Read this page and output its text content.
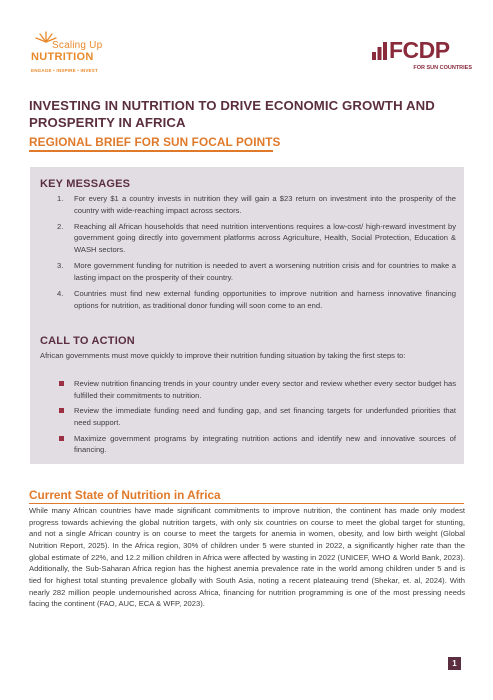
Scaling Up
NUTRITION
ENGAGE • INSPIRE • INVEST
FCDP
FOR SUN COUNTRIES
INVESTING IN NUTRITION TO DRIVE ECONOMIC GROWTH AND PROSPERITY IN AFRICA
REGIONAL BRIEF FOR SUN FOCAL POINTS
KEY MESSAGES
1. For every $1 a country invests in nutrition they will gain a $23 return on investment into the prosperity of the country with wide-reaching impact across sectors.
2. Reaching all African households that need nutrition interventions requires a low-cost/ high-reward investment by government going directly into government platforms across Agriculture, Health, Social Protection, Education & WASH sectors.
3. More government funding for nutrition is needed to avert a worsening nutrition crisis and for countries to make a lasting impact on the prosperity of their country.
4. Countries must find new external funding opportunities to improve nutrition and harness innovative financing options for nutrition, as traditional donor funding will soon come to an end.
CALL TO ACTION
African governments must move quickly to improve their nutrition funding situation by taking the first steps to:
Review nutrition financing trends in your country under every sector and review whether every sector budget has fulfilled their commitments to nutrition.
Review the immediate funding need and funding gap, and set financing targets for underfunded priorities that need support.
Maximize government programs by integrating nutrition actions and identify new and innovative sources of financing.
Current State of Nutrition in Africa
While many African countries have made significant commitments to improve nutrition, the continent has made only modest progress towards achieving the global nutrition targets, with only six countries on course to meet the global target for stunting, and not a single African country is on course to meet the targets for anemia in women, obesity, and low birth weight (Global Nutrition Report, 2025). In the Africa region, 30% of children under 5 were stunted in 2022, a significantly higher rate than the global estimate of 22%, and 12.2 million children in Africa were affected by wasting in 2022 (UNICEF, WHO & World Bank, 2023). Additionally, the Sub-Saharan Africa region has the highest anemia prevalence rate in the world among children under 5 and is tied for highest total stunting prevalence globally with South Asia, noting a recent plateauing trend (Shekar, et. al, 2024). With nearly 282 million people undernourished across Africa, financing for nutrition programming is one of the most pressing needs facing the continent (FAO, AUC, ECA & WFP, 2023).
1
